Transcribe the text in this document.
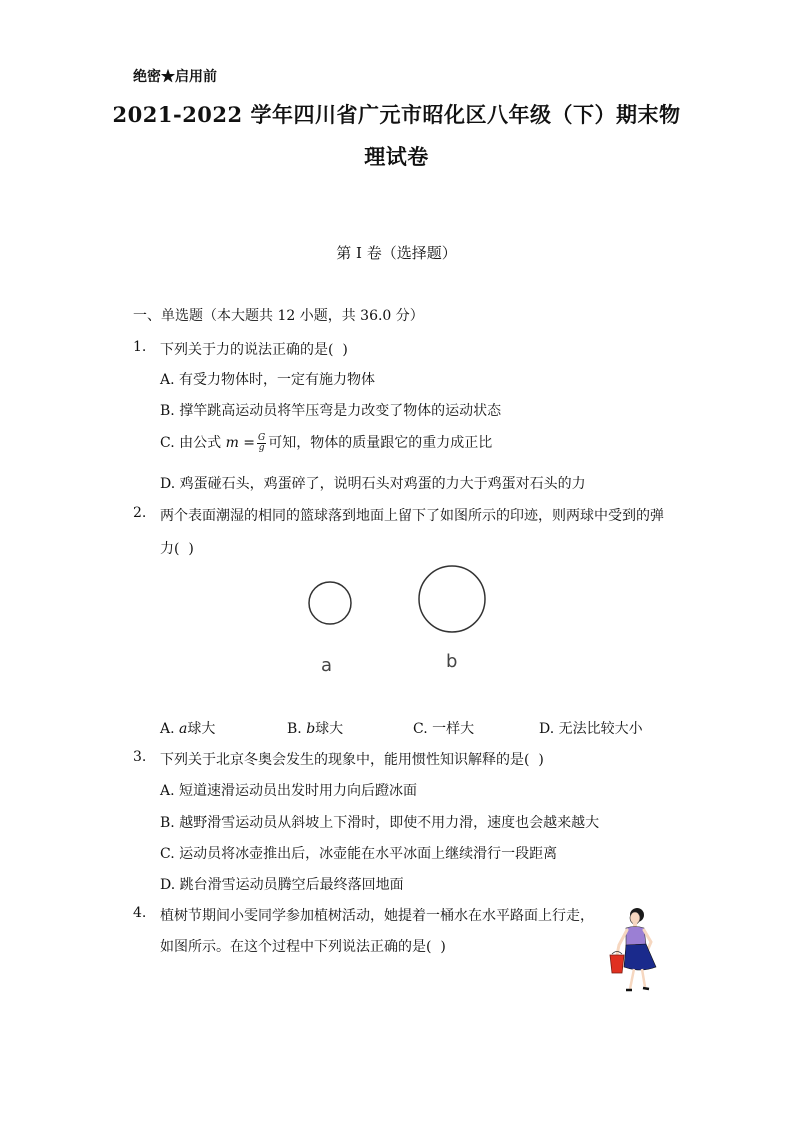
绝密★启用前
2021-2022 学年四川省广元市昭化区八年级（下）期末物
理试卷
第 I 卷（选择题）
一、单选题（本大题共 12 小题，共 36.0 分）
1. 下列关于力的说法正确的是(  )
A. 有受力物体时，一定有施力物体
B. 撑竿跳高运动员将竿压弯是力改变了物体的运动状态
C. 由公式 $m = \frac{G}{g}$ 可知，物体的质量跟它的重力成正比
D. 鸡蛋碰石头，鸡蛋碎了，说明石头对鸡蛋的力大于鸡蛋对石头的力
2. 两个表面潮湿的相同的篮球落到地面上留下了如图所示的印迹，则两球中受到的弹
力(  )
a	b
A. a球大	B. b球大	C. 一样大	D. 无法比较大小
3. 下列关于北京冬奥会发生的现象中，能用惯性知识解释的是(  )
A. 短道速滑运动员出发时用力向后蹬冰面
B. 越野滑雪运动员从斜坡上下滑时，即使不用力滑，速度也会越来越大
C. 运动员将冰壶推出后，冰壶能在水平冰面上继续滑行一段距离
D. 跳台滑雪运动员腾空后最终落回地面
4. 植树节期间小雯同学参加植树活动，她提着一桶水在水平路面上行走，
如图所示。在这个过程中下列说法正确的是(  )
